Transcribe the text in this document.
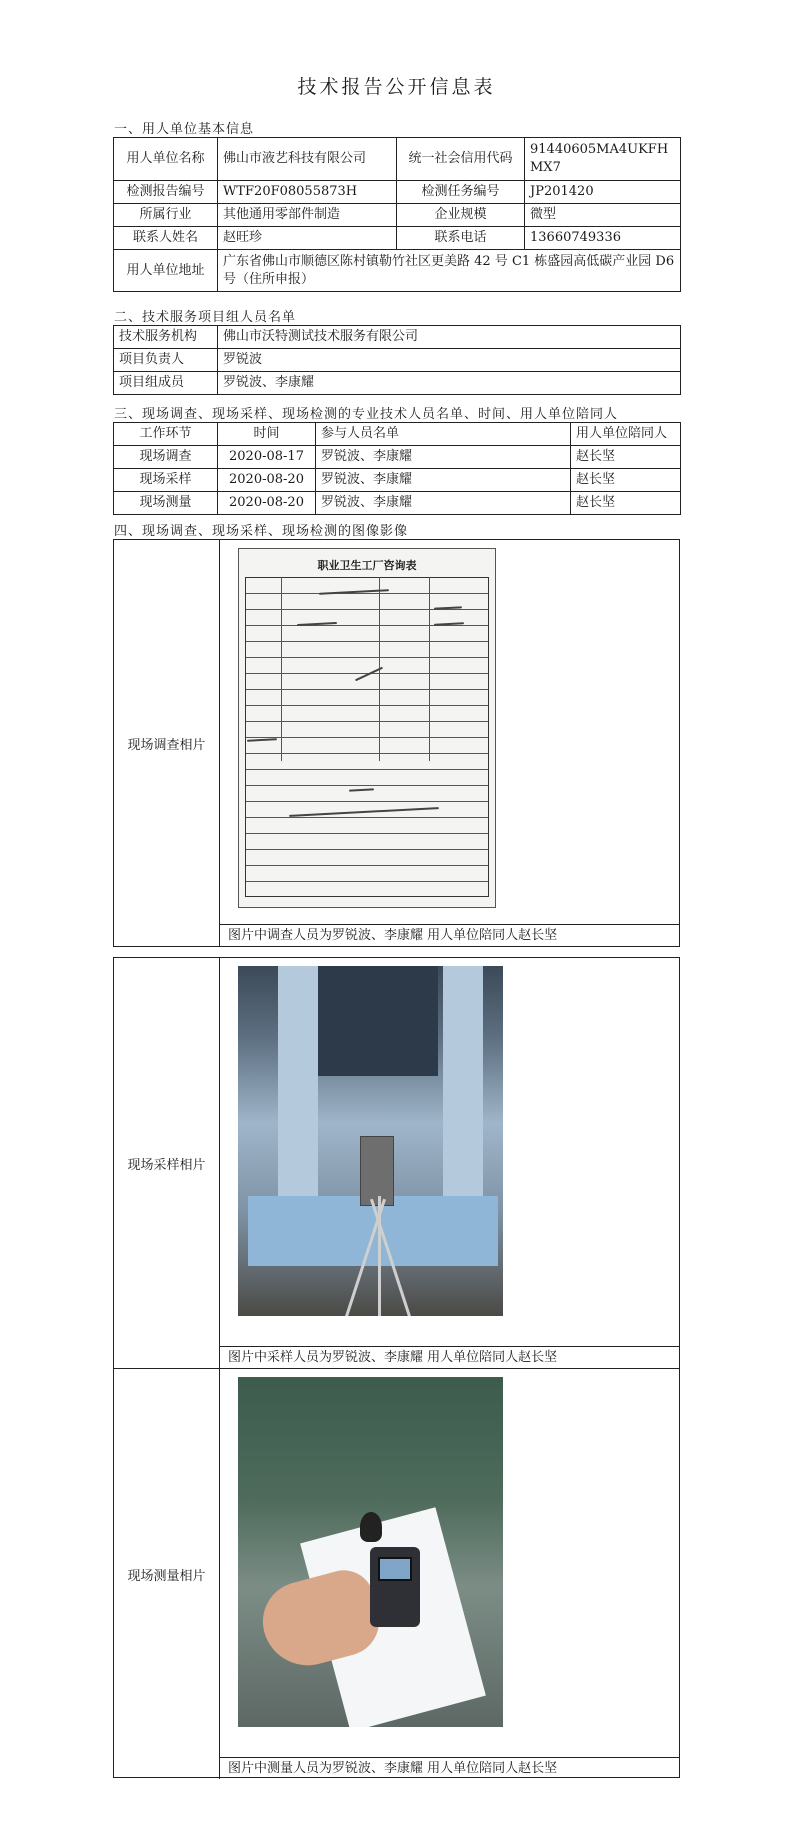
技术报告公开信息表
一、用人单位基本信息
用人单位名称	佛山市液艺科技有限公司	统一社会信用代码	91440605MA4UKFHMX7
检测报告编号	WTF20F08055873H	检测任务编号	JP201420
所属行业	其他通用零部件制造	企业规模	微型
联系人姓名	赵旺珍	联系电话	13660749336
用人单位地址	广东省佛山市顺德区陈村镇勒竹社区更美路 42 号 C1 栋盛园高低碳产业园 D6 号（住所申报）		
二、技术服务项目组人员名单
技术服务机构	佛山市沃特测试技术服务有限公司
项目负责人	罗锐波
项目组成员	罗锐波、李康耀
三、现场调查、现场采样、现场检测的专业技术人员名单、时间、用人单位陪同人
工作环节	时间	参与人员名单	用人单位陪同人
现场调查	2020-08-17	罗锐波、李康耀	赵长坚
现场采样	2020-08-20	罗锐波、李康耀	赵长坚
现场测量	2020-08-20	罗锐波、李康耀	赵长坚
四、现场调查、现场采样、现场检测的图像影像
现场调查相片
职业卫生工厂咨询表
图片中调查人员为罗锐波、李康耀 用人单位陪同人赵长坚
现场采样相片
图片中采样人员为罗锐波、李康耀 用人单位陪同人赵长坚
现场测量相片
图片中测量人员为罗锐波、李康耀 用人单位陪同人赵长坚
